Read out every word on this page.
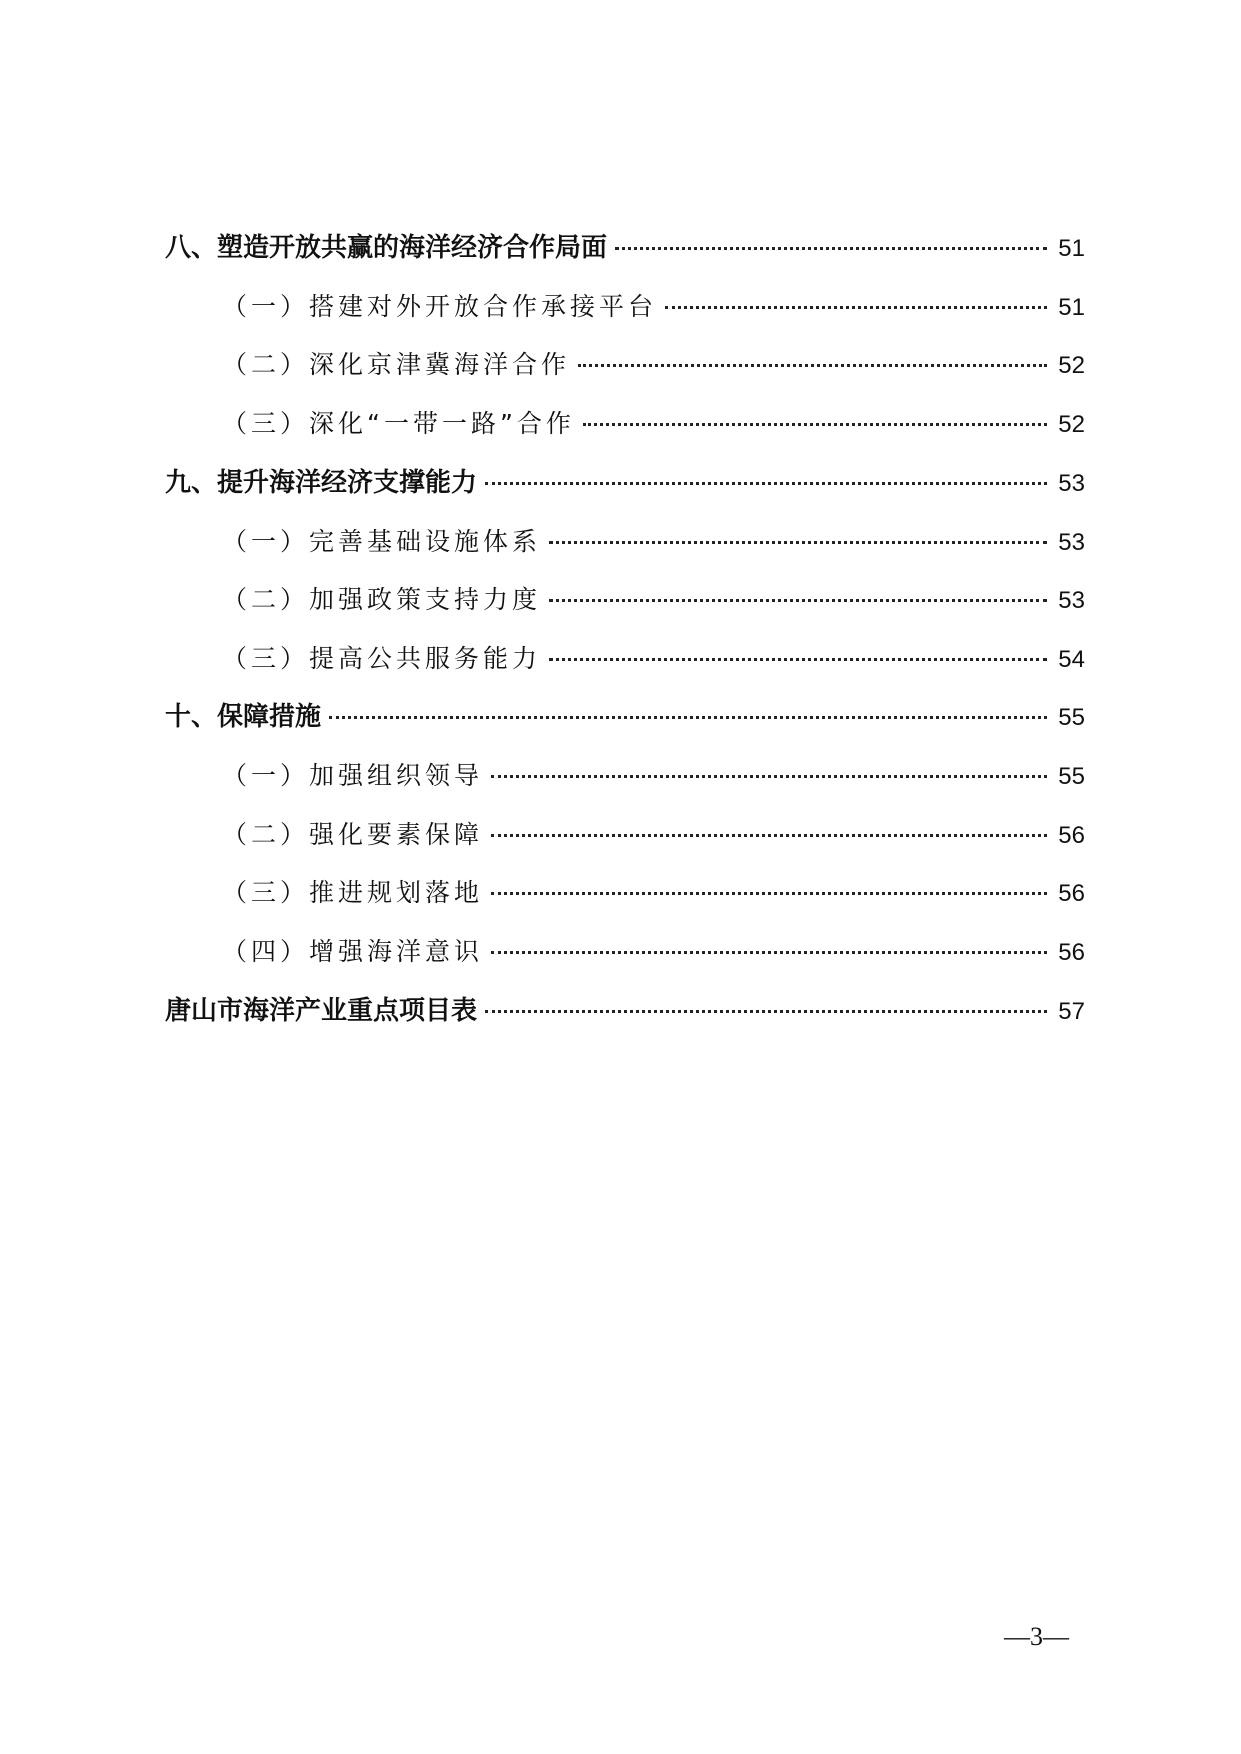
八、塑造开放共赢的海洋经济合作局面	51
（一）搭建对外开放合作承接平台	51
（二）深化京津冀海洋合作	52
（三）深化“一带一路”合作	52
九、提升海洋经济支撑能力	53
（一）完善基础设施体系	53
（二）加强政策支持力度	53
（三）提高公共服务能力	54
十、保障措施	55
（一）加强组织领导	55
（二）强化要素保障	56
（三）推进规划落地	56
（四）增强海洋意识	56
唐山市海洋产业重点项目表	57
—3—
